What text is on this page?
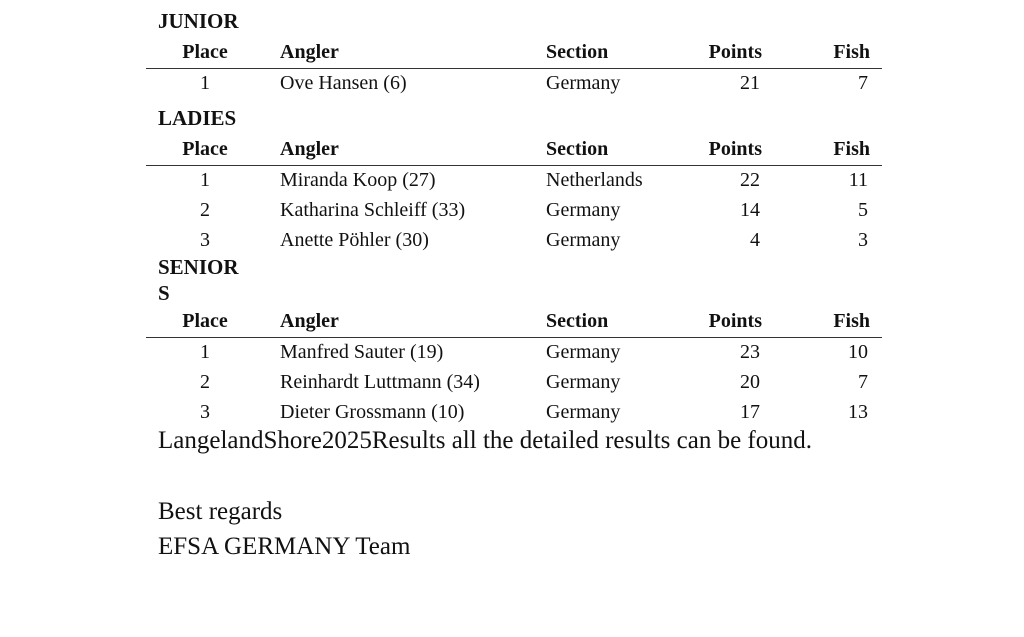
JUNIOR
Place	Angler	Section	Points	Fish
1	Ove Hansen (6)	Germany	21	7
LADIES
Place	Angler	Section	Points	Fish
1	Miranda Koop (27)	Netherlands	22	11
2	Katharina Schleiff (33)	Germany	14	5
3	Anette Pöhler (30)	Germany	4	3
SENIORS
Place	Angler	Section	Points	Fish
1	Manfred Sauter (19)	Germany	23	10
2	Reinhardt Luttmann (34)	Germany	20	7
3	Dieter Grossmann (10)	Germany	17	13
LangelandShore2025Results all the detailed results can be found.
Best regards
EFSA GERMANY Team
